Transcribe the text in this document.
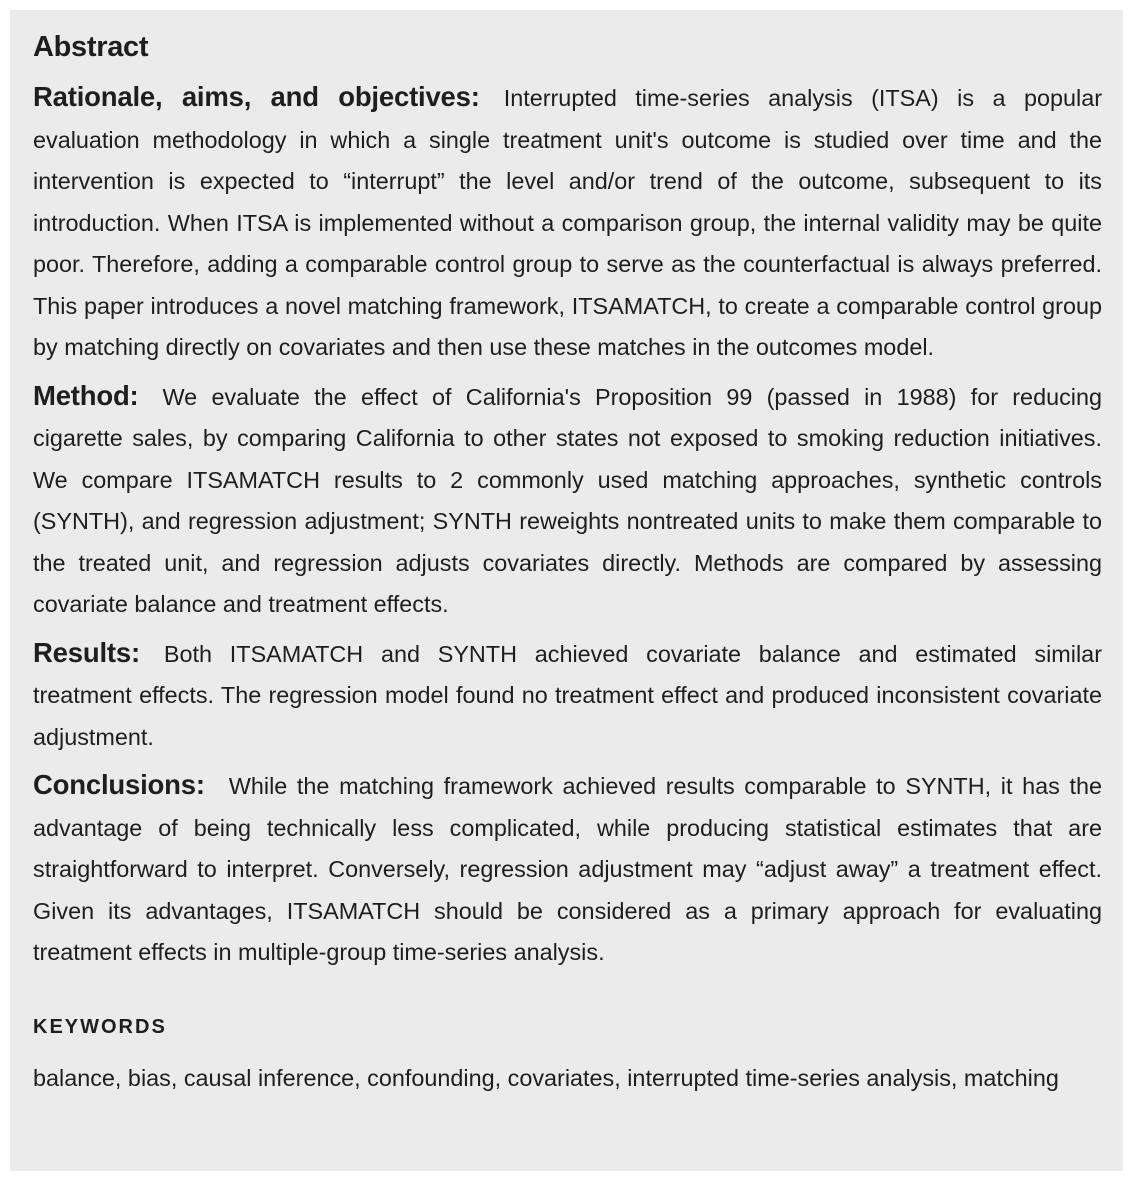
Abstract

Rationale, aims, and objectives: Interrupted time-series analysis (ITSA) is a popular evaluation methodology in which a single treatment unit's outcome is studied over time and the intervention is expected to “interrupt” the level and/or trend of the outcome, subsequent to its introduction. When ITSA is implemented without a comparison group, the internal validity may be quite poor. Therefore, adding a comparable control group to serve as the counterfactual is always preferred. This paper introduces a novel matching framework, ITSAMATCH, to create a comparable control group by matching directly on covariates and then use these matches in the outcomes model.

Method: We evaluate the effect of California's Proposition 99 (passed in 1988) for reducing cigarette sales, by comparing California to other states not exposed to smoking reduction initiatives. We compare ITSAMATCH results to 2 commonly used matching approaches, synthetic controls (SYNTH), and regression adjustment; SYNTH reweights nontreated units to make them comparable to the treated unit, and regression adjusts covariates directly. Methods are compared by assessing covariate balance and treatment effects.

Results: Both ITSAMATCH and SYNTH achieved covariate balance and estimated similar treatment effects. The regression model found no treatment effect and produced inconsistent covariate adjustment.

Conclusions: While the matching framework achieved results comparable to SYNTH, it has the advantage of being technically less complicated, while producing statistical estimates that are straightforward to interpret. Conversely, regression adjustment may “adjust away” a treatment effect. Given its advantages, ITSAMATCH should be considered as a primary approach for evaluating treatment effects in multiple-group time-series analysis.

KEYWORDS
balance, bias, causal inference, confounding, covariates, interrupted time-series analysis, matching
